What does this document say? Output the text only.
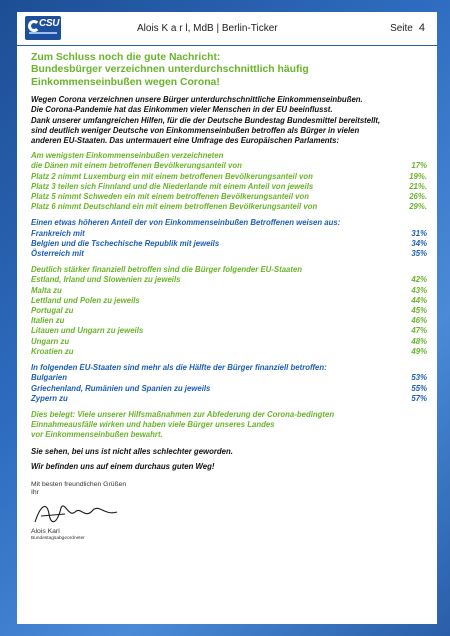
CSU	Alois K a r l, MdB | Berlin-Ticker	Seite 4
Zum Schluss noch die gute Nachricht:
Bundesbürger verzeichnen unterdurchschnittlich häufig
Einkommenseinbußen wegen Corona!
Wegen Corona verzeichnen unsere Bürger unterdurchschnittliche Einkommenseinbußen.
Die Corona-Pandemie hat das Einkommen vieler Menschen in der EU beeinflusst.
Dank unserer umfangreichen Hilfen, für die der Deutsche Bundestag Bundesmittel bereitstellt,
sind deutlich weniger Deutsche von Einkommenseinbußen betroffen als Bürger in vielen
anderen EU-Staaten. Das untermauert eine Umfrage des Europäischen Parlaments:
Am wenigsten Einkommenseinbußen verzeichneten
die Dänen mit einem betroffenen Bevölkerungsanteil von	17%
Platz 2 nimmt Luxemburg ein mit einem betroffenen Bevölkerungsanteil von	19%.
Platz 3 teilen sich Finnland und die Niederlande mit einem Anteil von jeweils	21%.
Platz 5 nimmt Schweden ein mit einem betroffenen Bevölkerungsanteil von	26%.
Platz 6 nimmt Deutschland ein mit einem betroffenen Bevölkerungsanteil von	29%.
Einen etwas höheren Anteil der von Einkommenseinbußen Betroffenen weisen aus:
Frankreich mit	31%
Belgien und die Tschechische Republik mit jeweils	34%
Österreich mit	35%
Deutlich stärker finanziell betroffen sind die Bürger folgender EU-Staaten
Estland, Irland und Slowenien zu jeweils	42%
Malta zu	43%
Lettland und Polen zu jeweils	44%
Portugal zu	45%
Italien zu	46%
Litauen und Ungarn zu jeweils	47%
Ungarn zu	48%
Kroatien zu	49%
In folgenden EU-Staaten sind mehr als die Hälfte der Bürger finanziell betroffen:
Bulgarien	53%
Griechenland, Rumänien und Spanien zu jeweils	55%
Zypern zu	57%
Dies belegt: Viele unserer Hilfsmaßnahmen zur Abfederung der Corona-bedingten
Einnahmeausfälle wirken und haben viele Bürger unseres Landes
vor Einkommenseinbußen bewahrt.
Sie sehen, bei uns ist nicht alles schlechter geworden.
Wir befinden uns auf einem durchaus guten Weg!
Mit besten freundlichen Grüßen
Ihr
Alois Karl
Bundestagsabgeordneter
